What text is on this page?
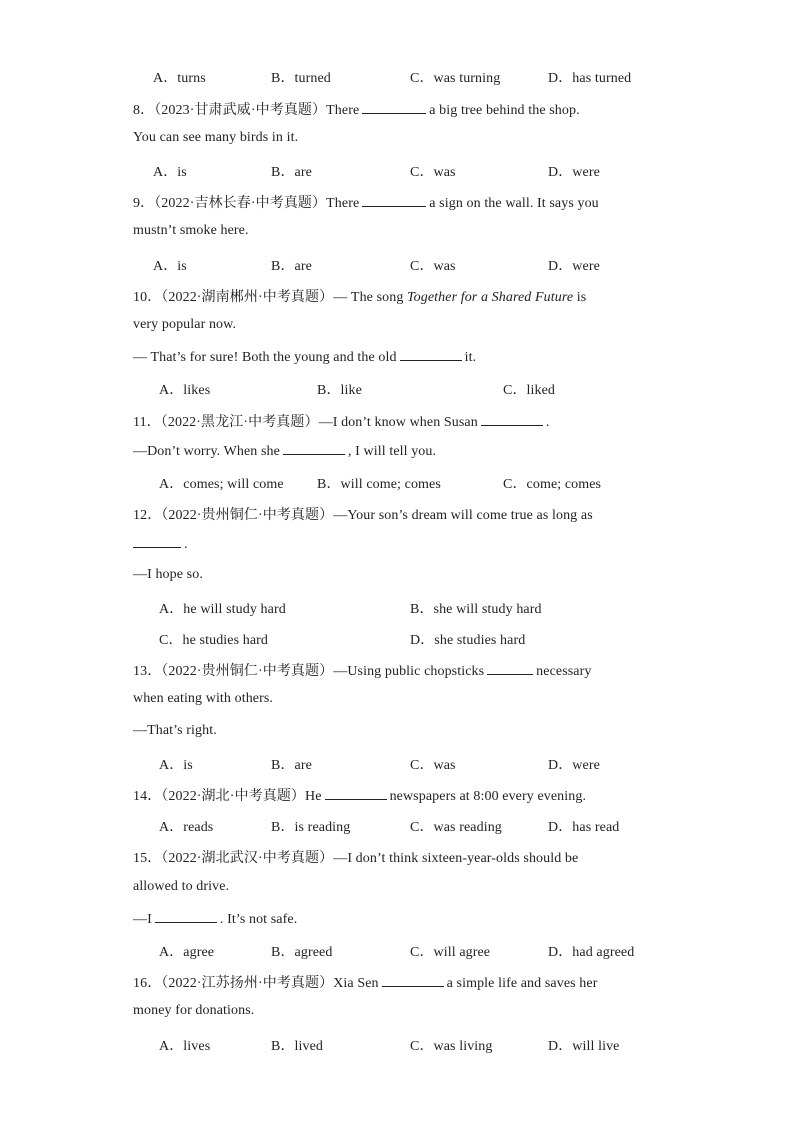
A．turns	B．turned	C．was turning	D．has turned
8．（2023·甘肃武威·中考真题）There	a big tree behind the shop.
You can see many birds in it.
A．is	B．are	C．was	D．were
9．（2022·吉林长春·中考真题）There	a sign on the wall. It says you
mustn’t smoke here.
A．is	B．are	C．was	D．were
10．（2022·湖南郴州·中考真题）— The song Together for a Shared Future is
very popular now.
— That’s for sure! Both the young and the old	it.
A．likes	B．like	C．liked
11．（2022·黑龙江·中考真题）—I don’t know when Susan	.
—Don’t worry. When she	, I will tell you.
A．comes; will come B．will come; comes	C．come; comes
12．（2022·贵州铜仁·中考真题）—Your son’s dream will come true as long as
.
—I hope so.
A．he will study hard	B．she will study hard
C．he studies hard	D．she studies hard
13．（2022·贵州铜仁·中考真题）—Using public chopsticks	necessary
when eating with others.
—That’s right.
A．is	B．are	C．was	D．were
14．（2022·湖北·中考真题）He	newspapers at 8:00 every evening.
A．reads	B．is reading	C．was reading	D．has read
15．（2022·湖北武汉·中考真题）—I don’t think sixteen-year-olds should be
allowed to drive.
—I	. It’s not safe.
A．agree	B．agreed	C．will agree	D．had agreed
16．（2022·江苏扬州·中考真题）Xia Sen	a simple life and saves her
money for donations.
A．lives	B．lived	C．was living	D．will live
